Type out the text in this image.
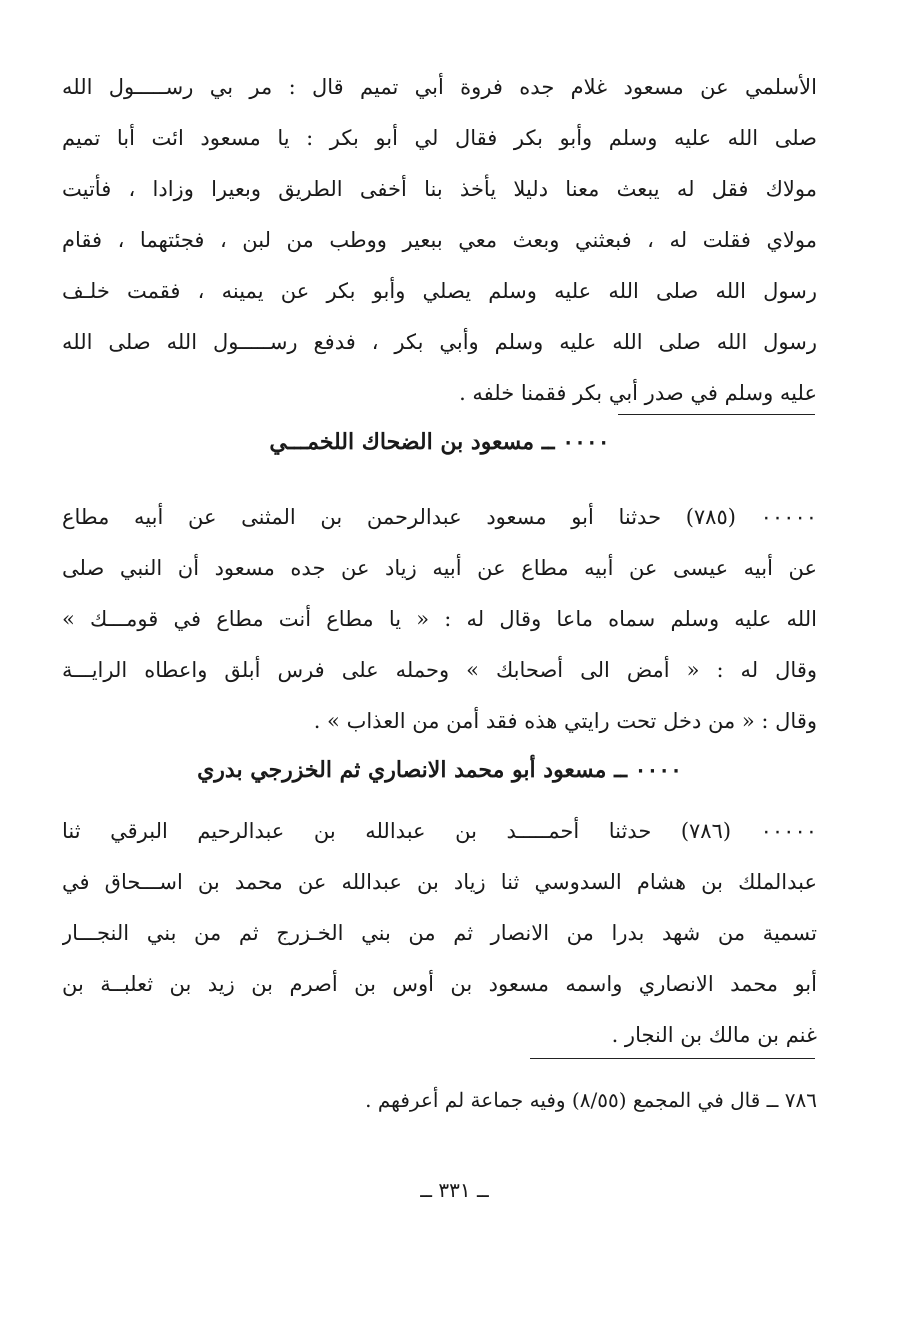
الأسلمي عن مسعود غلام جده فروة أبي تميم قال : مر بي رســـــول الله
صلى الله عليه وسلم وأبو بكر فقال لي أبو بكر : يا مسعود ائت أبا تميم
مولاك فقل له يبعث معنا دليلا يأخذ بنا أخفى الطريق وبعيرا وزادا ، فأتيت
مولاي فقلت له ، فبعثني وبعث معي ببعير ووطب من لبن ، فجئتهما ، فقام
رسول الله صلى الله عليه وسلم يصلي وأبو بكر عن يمينه ، فقمت خلـف
رسول الله صلى الله عليه وسلم وأبي بكر ، فدفع رســـــول الله صلى الله
عليه وسلم في صدر أبي بكر فقمنا خلفه .
٠٠٠٠ ــ مسعود بن الضحاك اللخمـــي
٠٠٠٠٠ (٧٨٥) حدثنا أبو مسعود عبدالرحمن بن المثنى عن أبيه مطاع
عن أبيه عيسى عن أبيه مطاع عن أبيه زياد عن جده مسعود أن النبي صلى
الله عليه وسلم سماه ماعا وقال له : « يا مطاع أنت مطاع في قومـــك »
وقال له : « أمض الى أصحابك » وحمله على فرس أبلق واعطاه الرايـــة
وقال : « من دخل تحت رايتي هذه فقد أمن من العذاب » .
٠٠٠٠ ــ مسعود أبو محمد الانصاري ثم الخزرجي بدري
٠٠٠٠٠ (٧٨٦) حدثنا أحمـــــد بن عبدالله بن عبدالرحيم البرقي ثنا
عبدالملك بن هشام السدوسي ثنا زياد بن عبدالله عن محمد بن اســـحاق في
تسمية من شهد بدرا من الانصار ثم من بني الخـزرج ثم من بني النجـــار
أبو محمد الانصاري واسمه مسعود بن أوس بن أصرم بن زيد بن ثعلبــة بن
غنم بن مالك بن النجار .
٧٨٦ ــ قال في المجمع (٨/٥٥) وفيه جماعة لم أعرفهم .
ــ ٣٣١ ــ
